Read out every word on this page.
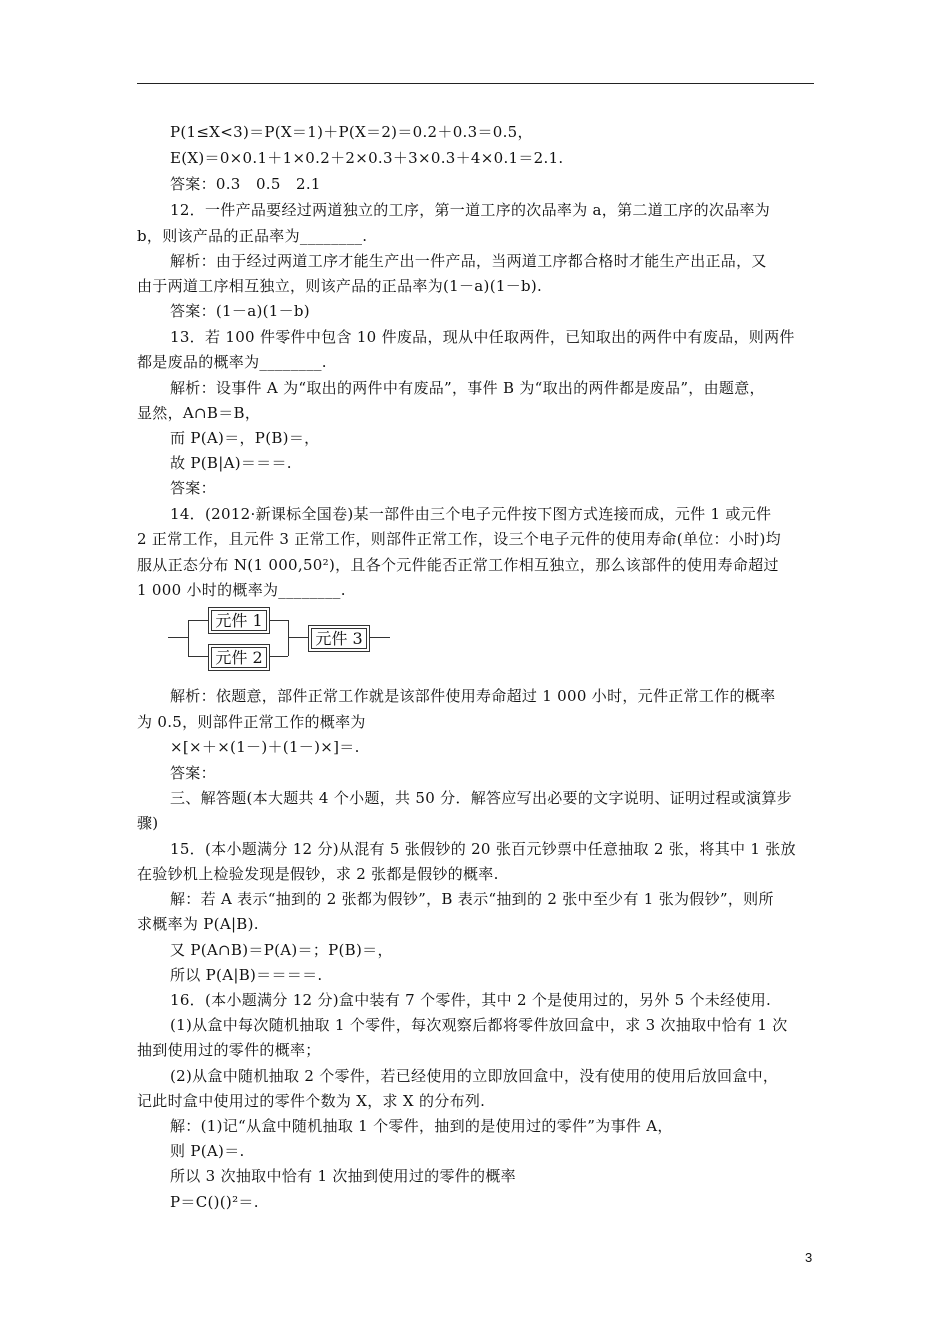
P(1≤X<3)＝P(X＝1)＋P(X＝2)＝0.2＋0.3＝0.5，
E(X)＝0×0.1＋1×0.2＋2×0.3＋3×0.3＋4×0.1＝2.1.
答案：0.3　0.5　2.1
12．一件产品要经过两道独立的工序，第一道工序的次品率为 a，第二道工序的次品率为
b，则该产品的正品率为________.
解析：由于经过两道工序才能生产出一件产品，当两道工序都合格时才能生产出正品，又
由于两道工序相互独立，则该产品的正品率为(1－a)(1－b).
答案：(1－a)(1－b)
13．若 100 件零件中包含 10 件废品，现从中任取两件，已知取出的两件中有废品，则两件
都是废品的概率为________.
解析：设事件 A 为“取出的两件中有废品”，事件 B 为“取出的两件都是废品”，由题意，
显然，A∩B＝B，
而 P(A)＝，P(B)＝，
故 P(B|A)＝＝＝.
答案：
14．(2012·新课标全国卷)某一部件由三个电子元件按下图方式连接而成，元件 1 或元件
2 正常工作，且元件 3 正常工作，则部件正常工作，设三个电子元件的使用寿命(单位：小时)均
服从正态分布 N(1 000,50²)，且各个元件能否正常工作相互独立，那么该部件的使用寿命超过
1 000 小时的概率为________.
元件 1
元件 2
元件 3
解析：依题意，部件正常工作就是该部件使用寿命超过 1 000 小时，元件正常工作的概率
为 0.5，则部件正常工作的概率为
×[×＋×(1－)＋(1－)×]＝.
答案：
三、解答题(本大题共 4 个小题，共 50 分．解答应写出必要的文字说明、证明过程或演算步
骤)
15．(本小题满分 12 分)从混有 5 张假钞的 20 张百元钞票中任意抽取 2 张，将其中 1 张放
在验钞机上检验发现是假钞，求 2 张都是假钞的概率.
解：若 A 表示“抽到的 2 张都为假钞”，B 表示“抽到的 2 张中至少有 1 张为假钞”，则所
求概率为 P(A|B).
又 P(A∩B)＝P(A)＝；P(B)＝，
所以 P(A|B)＝＝＝＝.
16．(本小题满分 12 分)盒中装有 7 个零件，其中 2 个是使用过的，另外 5 个未经使用.
(1)从盒中每次随机抽取 1 个零件，每次观察后都将零件放回盒中，求 3 次抽取中恰有 1 次
抽到使用过的零件的概率；
(2)从盒中随机抽取 2 个零件，若已经使用的立即放回盒中，没有使用的使用后放回盒中，
记此时盒中使用过的零件个数为 X，求 X 的分布列.
解：(1)记“从盒中随机抽取 1 个零件，抽到的是使用过的零件”为事件 A，
则 P(A)＝.
所以 3 次抽取中恰有 1 次抽到使用过的零件的概率
P＝C()()²＝.
3
